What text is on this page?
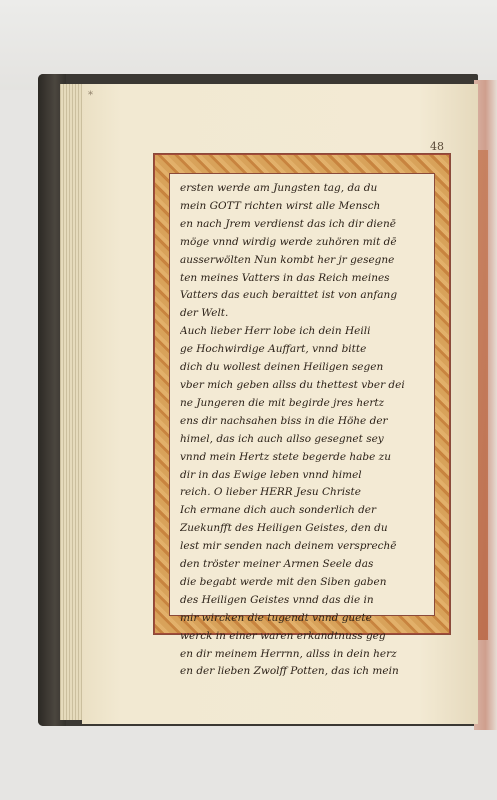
*
48
ersten werde am Jungsten tag, da du
mein GOTT richten wirst alle Mensch
en nach Jrem verdienst das ich dir dienē
möge vnnd wirdig werde zuhören mit dē
ausserwölten Nun kombt her jr gesegne
ten meines Vatters in das Reich meines
Vatters das euch beraittet ist von anfang
der Welt.
Auch lieber Herr lobe ich dein Heili
ge Hochwirdige Auffart, vnnd bitte
dich du wollest deinen Heiligen segen
vber mich geben allss du thettest vber dei
ne Jungeren die mit begirde jres hertz
ens dir nachsahen biss in die Höhe der
himel, das ich auch allso gesegnet sey
vnnd mein Hertz stete begerde habe zu
dir in das Ewige leben vnnd himel
reich. O lieber HERR Jesu Christe
Ich ermane dich auch sonderlich der
Zuekunfft des Heiligen Geistes, den du
lest mir senden nach deinem versprechē
den tröster meiner Armen Seele das
die begabt werde mit den Siben gaben
des Heiligen Geistes vnnd das die in
mir wircken die tugendt vnnd guete
werck in einer waren erkandtnuss geg
en dir meinem Herrnn, allss in dein herz
en der lieben Zwolff Potten, das ich mein
